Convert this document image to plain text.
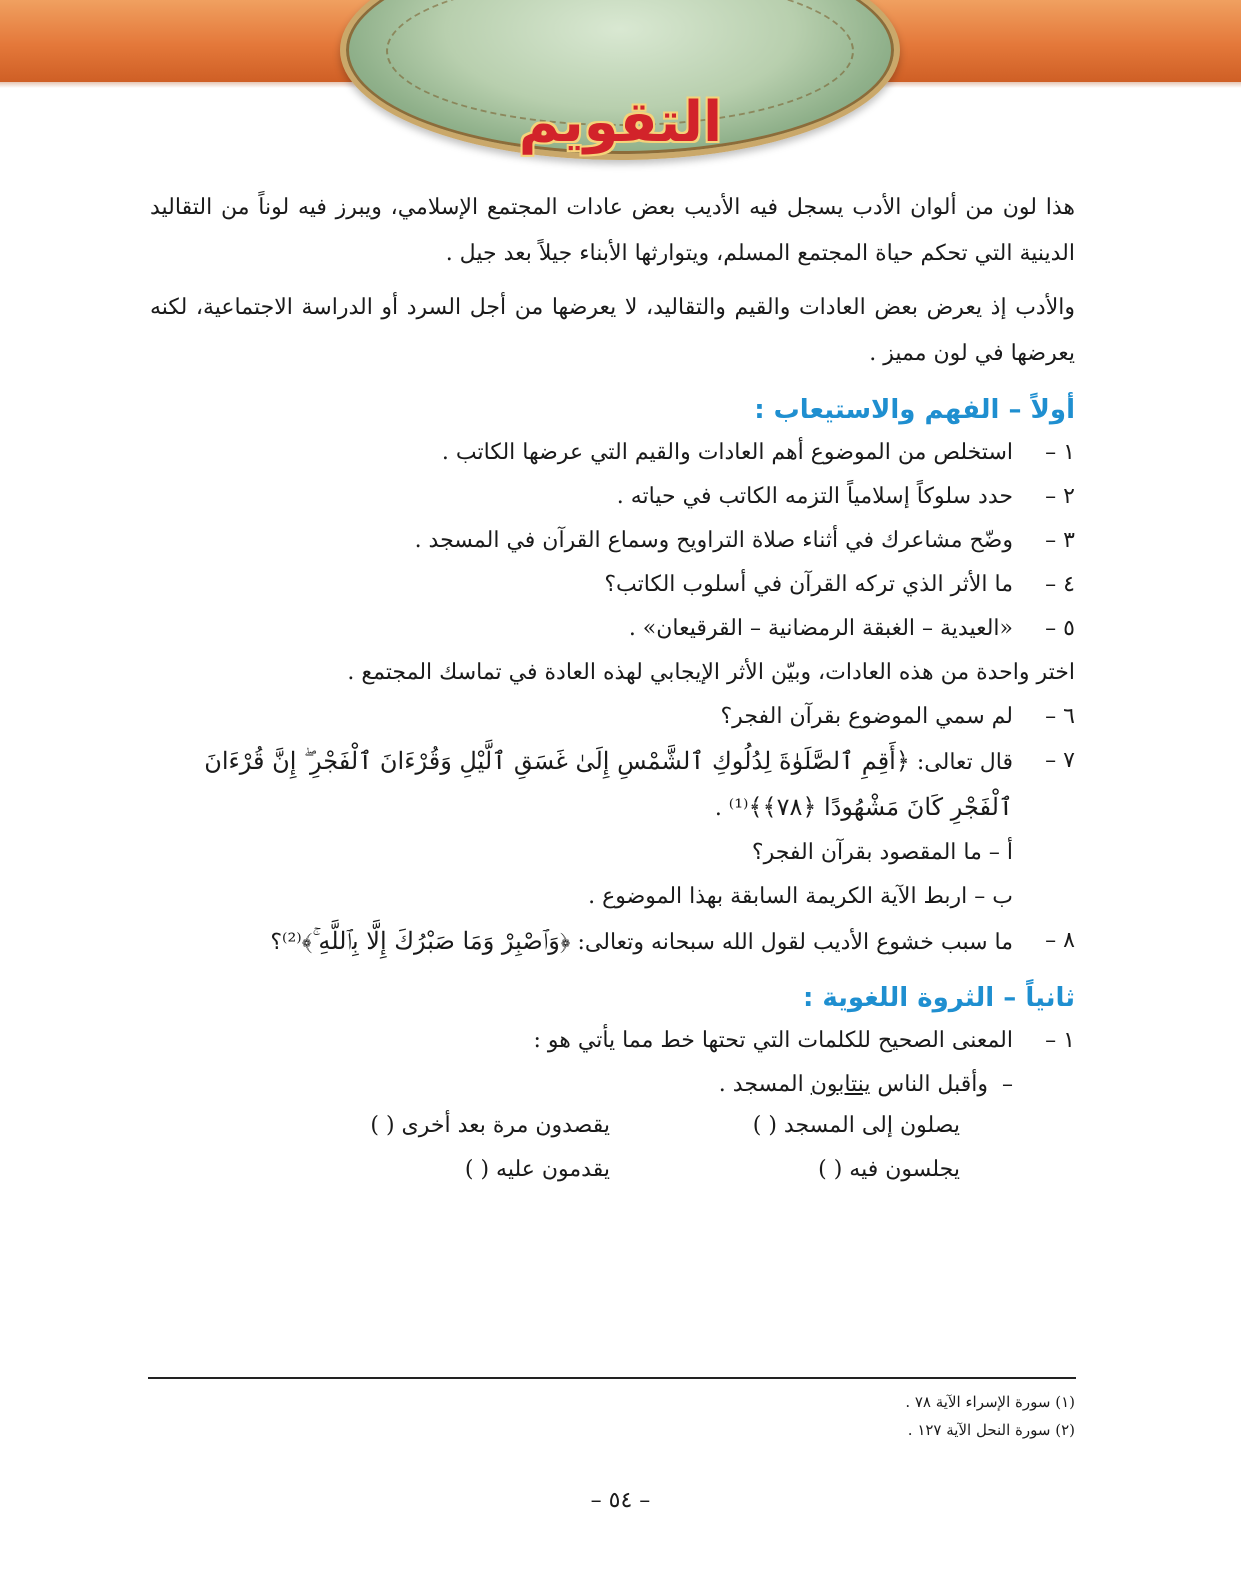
التقويم

هذا لون من ألوان الأدب يسجل فيه الأديب بعض عادات المجتمع الإسلامي، ويبرز فيه لوناً من التقاليد الدينية التي تحكم حياة المجتمع المسلم، ويتوارثها الأبناء جيلاً بعد جيل .

والأدب إذ يعرض بعض العادات والقيم والتقاليد، لا يعرضها من أجل السرد أو الدراسة الاجتماعية، لكنه يعرضها في لون مميز .

أولاً – الفهم والاستيعاب :
١ –
استخلص من الموضوع أهم العادات والقيم التي عرضها الكاتب .
٢ –
حدد سلوكاً إسلامياً التزمه الكاتب في حياته .
٣ –
وضّح مشاعرك في أثناء صلاة التراويح وسماع القرآن في المسجد .
٤ –
ما الأثر الذي تركه القرآن في أسلوب الكاتب؟
٥ –
«العيدية – الغبقة الرمضانية – القرقيعان» .
اختر واحدة من هذه العادات، وبيّن الأثر الإيجابي لهذه العادة في تماسك المجتمع .
٦ –
لم سمي الموضوع بقرآن الفجر؟
٧ –
قال تعالى: ﴿أَقِمِ ٱلصَّلَوٰةَ لِدُلُوكِ ٱلشَّمْسِ إِلَىٰ غَسَقِ ٱلَّيْلِ وَقُرْءَانَ ٱلْفَجْرِ ۖ إِنَّ قُرْءَانَ ٱلْفَجْرِ كَانَ مَشْهُودًا ﴿٧٨﴾﴾⁽¹⁾ .
أ – ما المقصود بقرآن الفجر؟
ب – اربط الآية الكريمة السابقة بهذا الموضوع .
٨ –
ما سبب خشوع الأديب لقول الله سبحانه وتعالى: ﴿وَٱصْبِرْ وَمَا صَبْرُكَ إِلَّا بِٱللَّهِ ۚ﴾⁽²⁾؟
ثانياً – الثروة اللغوية :
١ –
المعنى الصحيح للكلمات التي تحتها خط مما يأتي هو :
–  وأقبل الناس ينتابون المسجد .
يصلون إلى المسجد ( )
يقصدون مرة بعد أخرى ( )
يجلسون فيه ( )
يقدمون عليه ( )
(١) سورة الإسراء الآية ٧٨ .
(٢) سورة النحل الآية ١٢٧ .
– ٥٤ –
